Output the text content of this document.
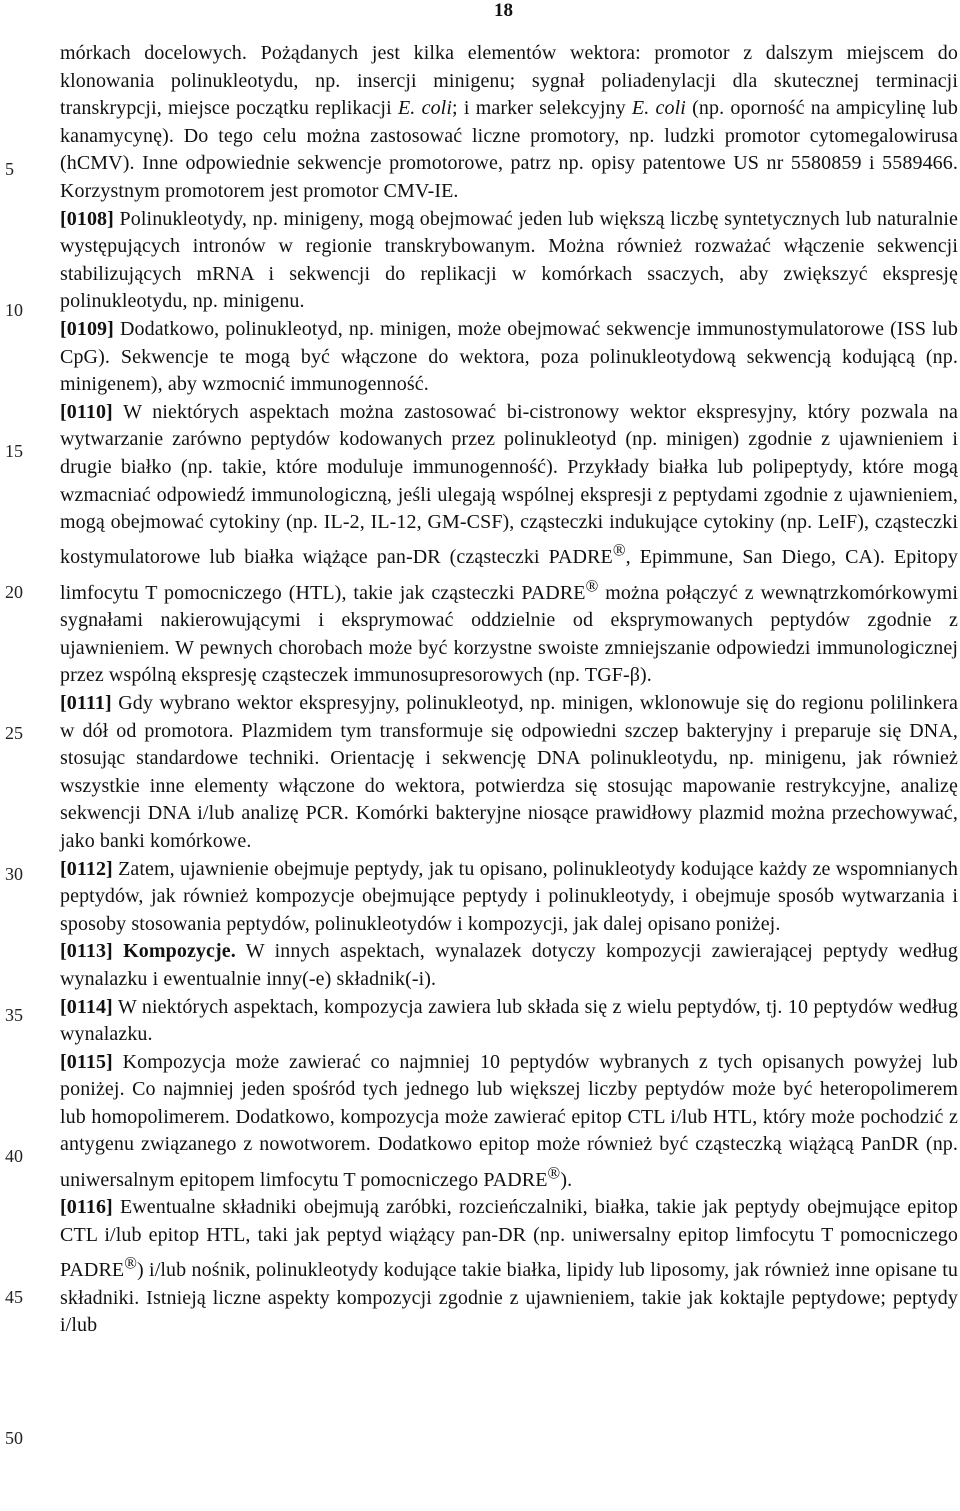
18
5
10
15
20
25
30
35
40
45
50

mórkach docelowych. Pożądanych jest kilka elementów wektora: promotor z dalszym miejscem do klonowania polinukleotydu, np. insercji minigenu; sygnał poliadenylacji dla skutecznej terminacji transkrypcji, miejsce początku replikacji E. coli; i marker selekcyjny E. coli (np. oporność na ampicylinę lub kanamycynę). Do tego celu można zastosować liczne promotory, np. ludzki promotor cytomegalowirusa (hCMV). Inne odpowiednie sekwencje promotorowe, patrz np. opisy patentowe US nr 5580859 i 5589466. Korzystnym promotorem jest promotor CMV-IE.

[0108] Polinukleotydy, np. minigeny, mogą obejmować jeden lub większą liczbę syntetycznych lub naturalnie występujących intronów w regionie transkrybowanym. Można również rozważać włączenie sekwencji stabilizujących mRNA i sekwencji do replikacji w komórkach ssaczych, aby zwiększyć ekspresję polinukleotydu, np. minigenu.

[0109] Dodatkowo, polinukleotyd, np. minigen, może obejmować sekwencje immunostymulatorowe (ISS lub CpG). Sekwencje te mogą być włączone do wektora, poza polinukleotydową sekwencją kodującą (np. minigenem), aby wzmocnić immunogenność.

[0110] W niektórych aspektach można zastosować bi-cistronowy wektor ekspresyjny, który pozwala na wytwarzanie zarówno peptydów kodowanych przez polinukleotyd (np. minigen) zgodnie z ujawnieniem i drugie białko (np. takie, które moduluje immunogenność). Przykłady białka lub polipeptydy, które mogą wzmacniać odpowiedź immunologiczną, jeśli ulegają wspólnej ekspresji z peptydami zgodnie z ujawnieniem, mogą obejmować cytokiny (np. IL-2, IL-12, GM-CSF), cząsteczki indukujące cytokiny (np. LeIF), cząsteczki kostymulatorowe lub białka wiążące pan-DR (cząsteczki PADRE®, Epimmune, San Diego, CA). Epitopy limfocytu T pomocniczego (HTL), takie jak cząsteczki PADRE® można połączyć z wewnątrzkomórkowymi sygnałami nakierowującymi i eksprymować oddzielnie od eksprymowanych peptydów zgodnie z ujawnieniem. W pewnych chorobach może być korzystne swoiste zmniejszanie odpowiedzi immunologicznej przez wspólną ekspresję cząsteczek immunosupresorowych (np. TGF-β).

[0111] Gdy wybrano wektor ekspresyjny, polinukleotyd, np. minigen, wklonowuje się do regionu polilinkera w dół od promotora. Plazmidem tym transformuje się odpowiedni szczep bakteryjny i preparuje się DNA, stosując standardowe techniki. Orientację i sekwencję DNA polinukleotydu, np. minigenu, jak również wszystkie inne elementy włączone do wektora, potwierdza się stosując mapowanie restrykcyjne, analizę sekwencji DNA i/lub analizę PCR. Komórki bakteryjne niosące prawidłowy plazmid można przechowywać, jako banki komórkowe.

[0112] Zatem, ujawnienie obejmuje peptydy, jak tu opisano, polinukleotydy kodujące każdy ze wspomnianych peptydów, jak również kompozycje obejmujące peptydy i polinukleotydy, i obejmuje sposób wytwarzania i sposoby stosowania peptydów, polinukleotydów i kompozycji, jak dalej opisano poniżej.

[0113] Kompozycje. W innych aspektach, wynalazek dotyczy kompozycji zawierającej peptydy według wynalazku i ewentualnie inny(-e) składnik(-i).

[0114] W niektórych aspektach, kompozycja zawiera lub składa się z wielu peptydów, tj. 10 peptydów według wynalazku.

[0115] Kompozycja może zawierać co najmniej 10 peptydów wybranych z tych opisanych powyżej lub poniżej. Co najmniej jeden spośród tych jednego lub większej liczby peptydów może być heteropolimerem lub homopolimerem. Dodatkowo, kompozycja może zawierać epitop CTL i/lub HTL, który może pochodzić z antygenu związanego z nowotworem. Dodatkowo epitop może również być cząsteczką wiążącą PanDR (np. uniwersalnym epitopem limfocytu T pomocniczego PADRE®).

[0116] Ewentualne składniki obejmują zaróbki, rozcieńczalniki, białka, takie jak peptydy obejmujące epitop CTL i/lub epitop HTL, taki jak peptyd wiążący pan-DR (np. uniwersalny epitop limfocytu T pomocniczego PADRE®) i/lub nośnik, polinukleotydy kodujące takie białka, lipidy lub liposomy, jak również inne opisane tu składniki. Istnieją liczne aspekty kompozycji zgodnie z ujawnieniem, takie jak koktajle peptydowe; peptydy i/lub
